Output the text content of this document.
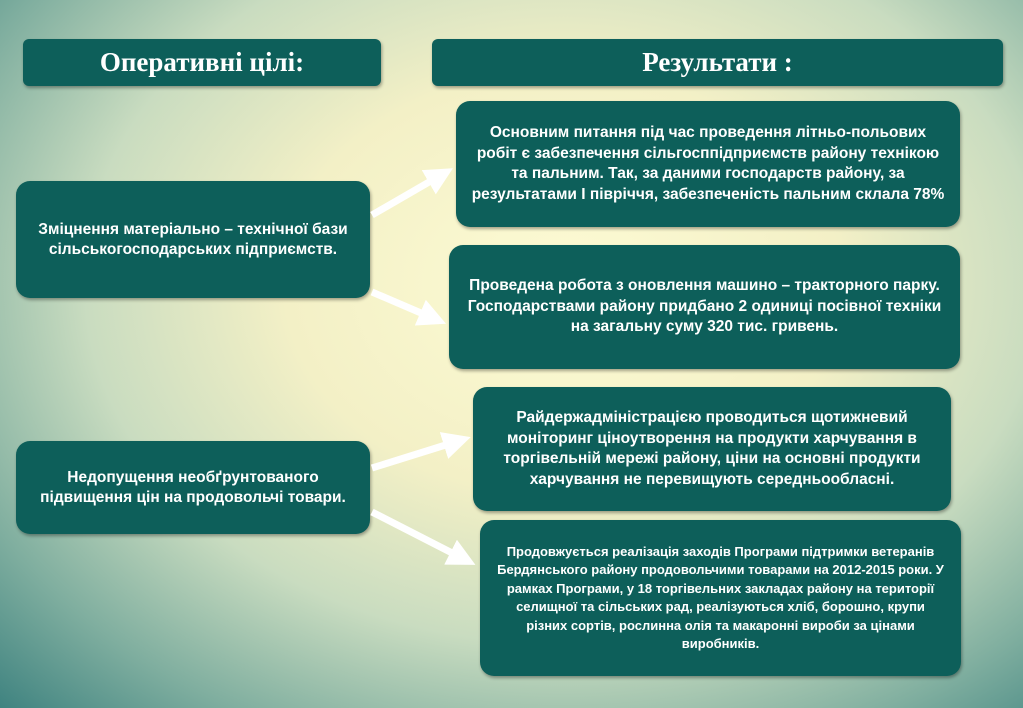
Оперативні цілі:	Результати :
Зміцнення матеріально – технічної бази сільськогосподарських підприємств.
Недопущення необґрунтованого підвищення цін на продовольчі товари.
Основним питання під час проведення літньо-польових робіт є забезпечення сільгосппідприємств району технікою та пальним. Так, за даними господарств району, за результатами І півріччя, забезпеченість пальним склала 78%
Проведена робота з оновлення машино – тракторного парку. Господарствами району придбано 2 одиниці посівної техніки на загальну суму 320 тис. гривень.
Райдержадміністрацією проводиться щотижневий моніторинг ціноутворення на продукти харчування в торгівельній мережі району, ціни на основні продукти харчування не перевищують середньообласні.
Продовжується реалізація заходів Програми підтримки ветеранів Бердянського району продовольчими товарами на 2012-2015 роки. У рамках Програми, у 18 торгівельних закладах району на території селищної та сільських рад, реалізуються хліб, борошно, крупи різних сортів, рослинна олія та макаронні вироби за цінами виробників.
